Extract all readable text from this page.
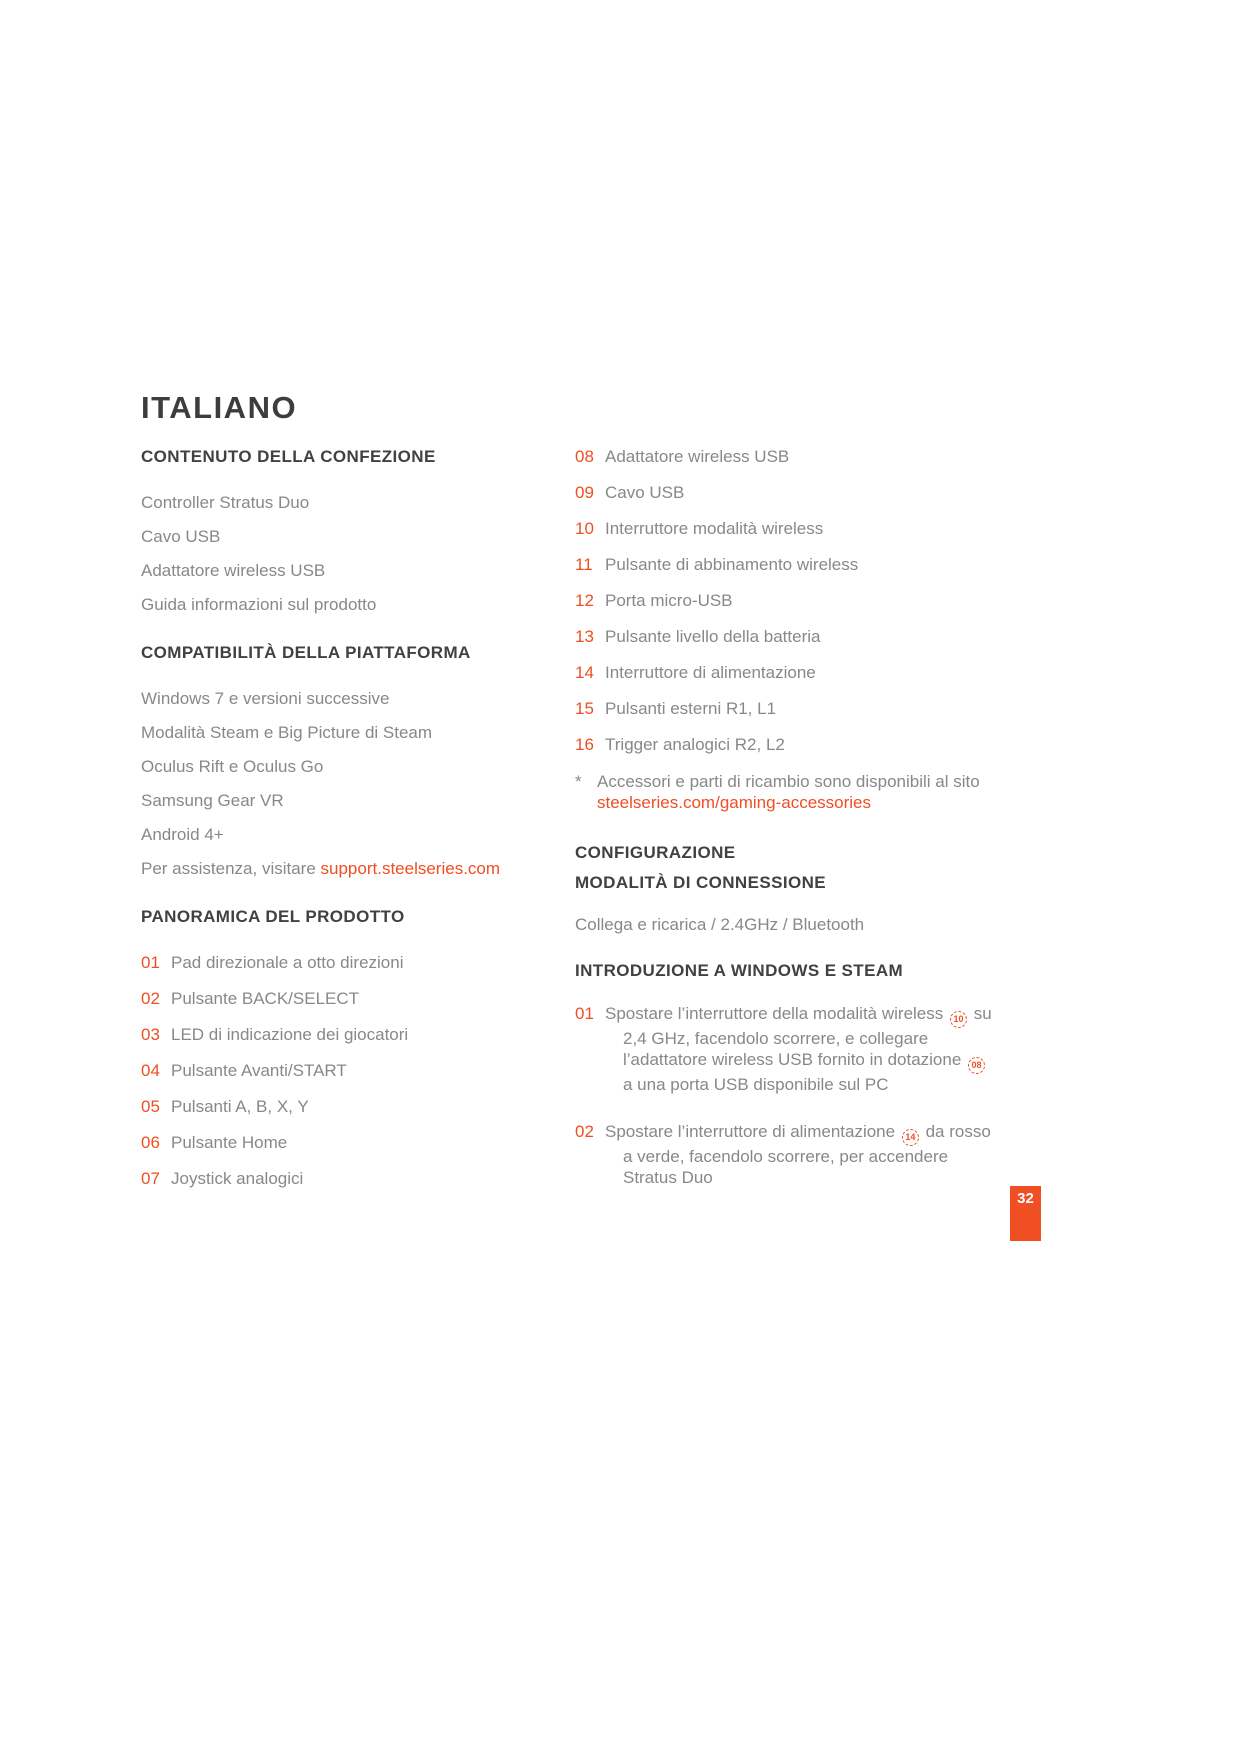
ITALIANO
CONTENUTO DELLA CONFEZIONE

Controller Stratus Duo

Cavo USB

Adattatore wireless USB

Guida informazioni sul prodotto

COMPATIBILITÀ DELLA PIATTAFORMA

Windows 7 e versioni successive

Modalità Steam e Big Picture di Steam

Oculus Rift e Oculus Go

Samsung Gear VR

Android 4+

Per assistenza, visitare support.steelseries.com

PANORAMICA DEL PRODOTTO
01 Pad direzionale a otto direzioni
02 Pulsante BACK/SELECT
03 LED di indicazione dei giocatori
04 Pulsante Avanti/START
05 Pulsanti A, B, X, Y
06 Pulsante Home
07 Joystick analogici
08 Adattatore wireless USB
09 Cavo USB
10 Interruttore modalità wireless
11 Pulsante di abbinamento wireless
12 Porta micro-USB
13 Pulsante livello della batteria
14 Interruttore di alimentazione
15 Pulsanti esterni R1, L1
16 Trigger analogici R2, L2
* Accessori e parti di ricambio sono disponibili al sito steelseries.com/gaming-accessories
CONFIGURAZIONE
MODALITÀ DI CONNESSIONE

Collega e ricarica / 2.4GHz / Bluetooth

INTRODUZIONE A WINDOWS E STEAM
01 Spostare l’interruttore della modalità wireless 10 su 2,4 GHz, facendolo scorrere, e collegare l’adattatore wireless USB fornito in dotazione 08 a una porta USB disponibile sul PC
02 Spostare l’interruttore di alimentazione 14 da rosso a verde, facendolo scorrere, per accendere Stratus Duo
32
